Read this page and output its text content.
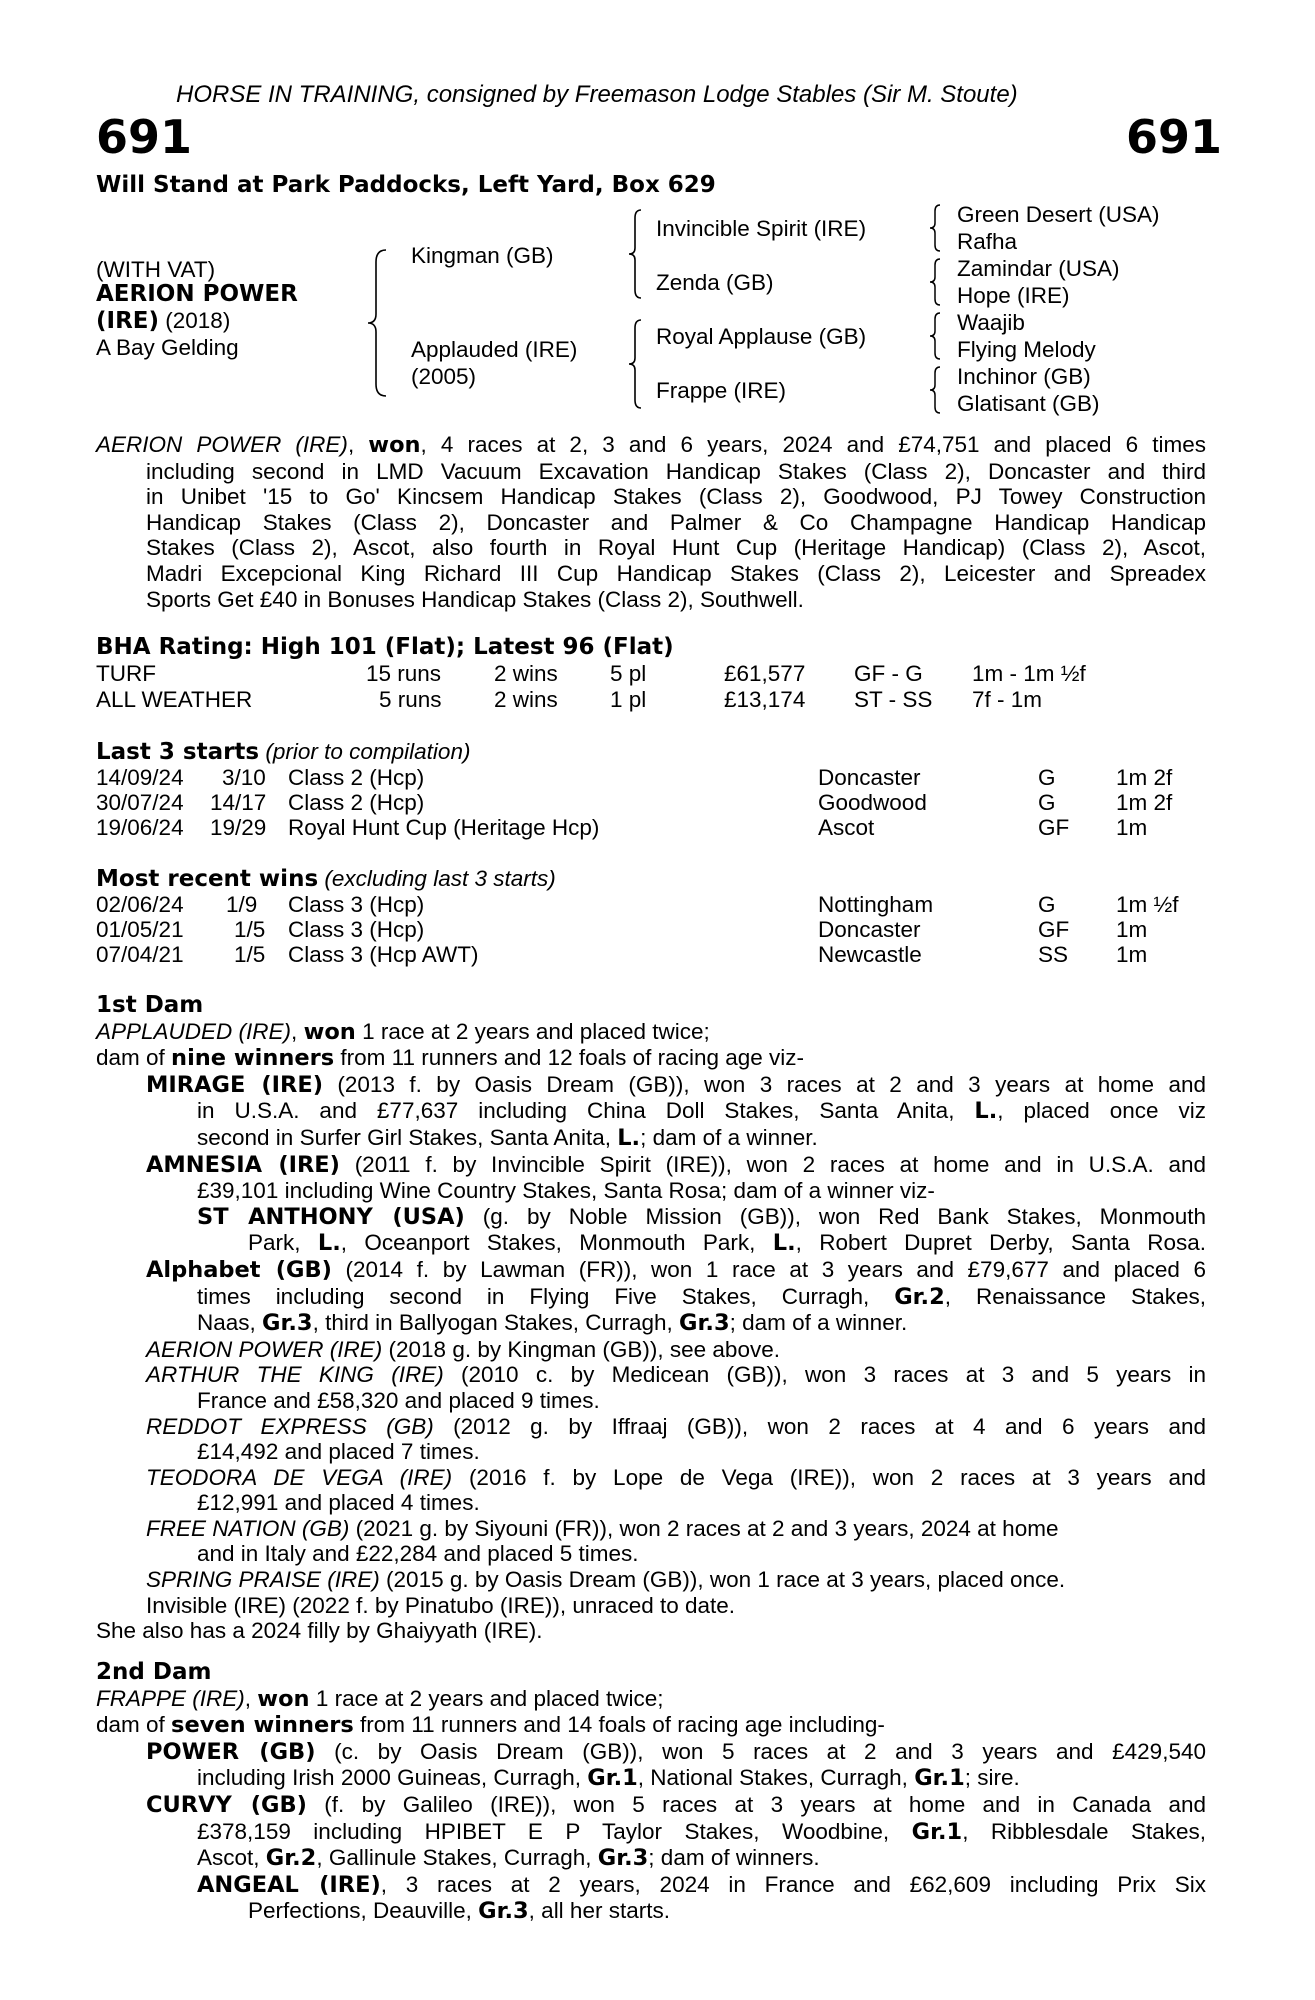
HORSE IN TRAINING, consigned by Freemason Lodge Stables (Sir M. Stoute)
691	691
Will Stand at Park Paddocks, Left Yard, Box 629
(WITH VAT)
AERION POWER
(IRE) (2018)
A Bay Gelding
Kingman (GB)
Applauded (IRE)
(2005)
Invincible Spirit (IRE)
Zenda (GB)
Royal Applause (GB)
Frappe (IRE)
Green Desert (USA)
Rafha
Zamindar (USA)
Hope (IRE)
Waajib
Flying Melody
Inchinor (GB)
Glatisant (GB)
AERION POWER (IRE), won, 4 races at 2, 3 and 6 years, 2024 and £74,751 and placed 6 times
including second in LMD Vacuum Excavation Handicap Stakes (Class 2), Doncaster and third
in Unibet '15 to Go' Kincsem Handicap Stakes (Class 2), Goodwood, PJ Towey Construction
Handicap Stakes (Class 2), Doncaster and Palmer & Co Champagne Handicap Handicap
Stakes (Class 2), Ascot, also fourth in Royal Hunt Cup (Heritage Handicap) (Class 2), Ascot,
Madri Excepcional King Richard III Cup Handicap Stakes (Class 2), Leicester and Spreadex
Sports Get £40 in Bonuses Handicap Stakes (Class 2), Southwell.
BHA Rating: High 101 (Flat); Latest 96 (Flat)
TURF	15 runs 2 wins 5 pl	£61,577 GF - G 1m - 1m ½f
ALL WEATHER	5 runs 2 wins 1 pl	£13,174 ST - SS 7f - 1m
Last 3 starts (prior to compilation)
14/09/24 3/10 Class 2 (Hcp)	Doncaster	G	1m 2f
30/07/24 14/17 Class 2 (Hcp)	Goodwood	G	1m 2f
19/06/24 19/29 Royal Hunt Cup (Heritage Hcp)	Ascot	GF 1m
Most recent wins (excluding last 3 starts)
02/06/24 1/9 Class 3 (Hcp)	Nottingham	G	1m ½f
01/05/21 1/5 Class 3 (Hcp)	Doncaster	GF 1m
07/04/21 1/5 Class 3 (Hcp AWT)	Newcastle	SS 1m
1st Dam
APPLAUDED (IRE), won 1 race at 2 years and placed twice;
dam of nine winners from 11 runners and 12 foals of racing age viz-
MIRAGE (IRE) (2013 f. by Oasis Dream (GB)), won 3 races at 2 and 3 years at home and
in U.S.A. and £77,637 including China Doll Stakes, Santa Anita, L., placed once viz
second in Surfer Girl Stakes, Santa Anita, L.; dam of a winner.
AMNESIA (IRE) (2011 f. by Invincible Spirit (IRE)), won 2 races at home and in U.S.A. and
£39,101 including Wine Country Stakes, Santa Rosa; dam of a winner viz-
ST ANTHONY (USA) (g. by Noble Mission (GB)), won Red Bank Stakes, Monmouth
Park, L., Oceanport Stakes, Monmouth Park, L., Robert Dupret Derby, Santa Rosa.
Alphabet (GB) (2014 f. by Lawman (FR)), won 1 race at 3 years and £79,677 and placed 6
times including second in Flying Five Stakes, Curragh, Gr.2, Renaissance Stakes,
Naas, Gr.3, third in Ballyogan Stakes, Curragh, Gr.3; dam of a winner.
AERION POWER (IRE) (2018 g. by Kingman (GB)), see above.
ARTHUR THE KING (IRE) (2010 c. by Medicean (GB)), won 3 races at 3 and 5 years in
France and £58,320 and placed 9 times.
REDDOT EXPRESS (GB) (2012 g. by Iffraaj (GB)), won 2 races at 4 and 6 years and
£14,492 and placed 7 times.
TEODORA DE VEGA (IRE) (2016 f. by Lope de Vega (IRE)), won 2 races at 3 years and
£12,991 and placed 4 times.
FREE NATION (GB) (2021 g. by Siyouni (FR)), won 2 races at 2 and 3 years, 2024 at home
and in Italy and £22,284 and placed 5 times.
SPRING PRAISE (IRE) (2015 g. by Oasis Dream (GB)), won 1 race at 3 years, placed once.
Invisible (IRE) (2022 f. by Pinatubo (IRE)), unraced to date.
She also has a 2024 filly by Ghaiyyath (IRE).
2nd Dam
FRAPPE (IRE), won 1 race at 2 years and placed twice;
dam of seven winners from 11 runners and 14 foals of racing age including-
POWER (GB) (c. by Oasis Dream (GB)), won 5 races at 2 and 3 years and £429,540
including Irish 2000 Guineas, Curragh, Gr.1, National Stakes, Curragh, Gr.1; sire.
CURVY (GB) (f. by Galileo (IRE)), won 5 races at 3 years at home and in Canada and
£378,159 including HPIBET E P Taylor Stakes, Woodbine, Gr.1, Ribblesdale Stakes,
Ascot, Gr.2, Gallinule Stakes, Curragh, Gr.3; dam of winners.
ANGEAL (IRE), 3 races at 2 years, 2024 in France and £62,609 including Prix Six
Perfections, Deauville, Gr.3, all her starts.
